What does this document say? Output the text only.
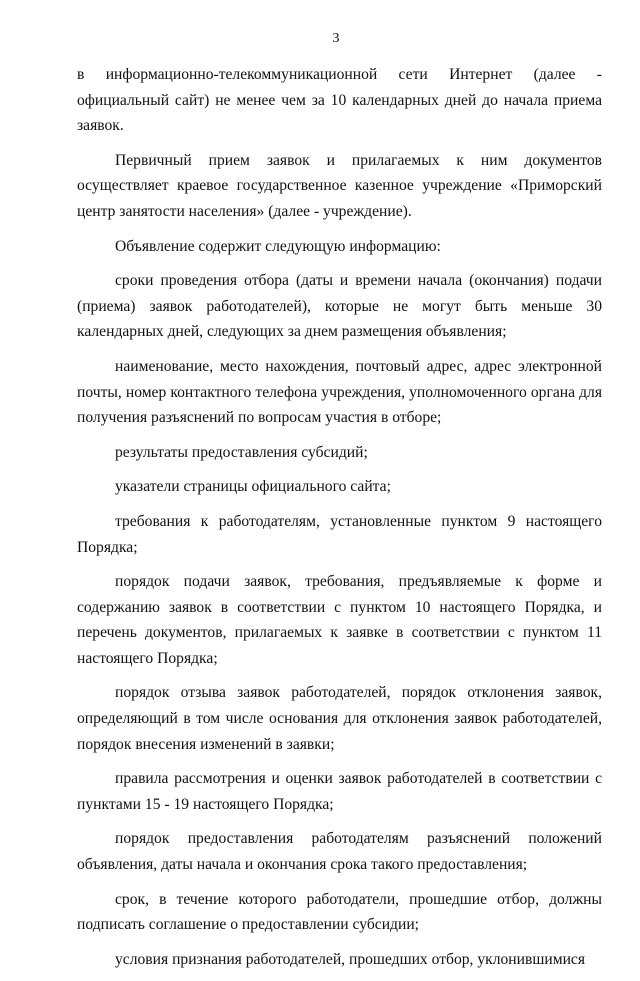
3

в информационно-телекоммуникационной сети Интернет (далее - официальный сайт) не менее чем за 10 календарных дней до начала приема заявок.

Первичный прием заявок и прилагаемых к ним документов осуществляет краевое государственное казенное учреждение «Приморский центр занятости населения» (далее - учреждение).

Объявление содержит следующую информацию:

сроки проведения отбора (даты и времени начала (окончания) подачи (приема) заявок работодателей), которые не могут быть меньше 30 календарных дней, следующих за днем размещения объявления;

наименование, место нахождения, почтовый адрес, адрес электронной почты, номер контактного телефона учреждения, уполномоченного органа для получения разъяснений по вопросам участия в отборе;

результаты предоставления субсидий;

указатели страницы официального сайта;

требования к работодателям, установленные пунктом 9 настоящего Порядка;

порядок подачи заявок, требования, предъявляемые к форме и содержанию заявок в соответствии с пунктом 10 настоящего Порядка, и перечень документов, прилагаемых к заявке в соответствии с пунктом 11 настоящего Порядка;

порядок отзыва заявок работодателей, порядок отклонения заявок, определяющий в том числе основания для отклонения заявок работодателей, порядок внесения изменений в заявки;

правила рассмотрения и оценки заявок работодателей в соответствии с пунктами 15 - 19 настоящего Порядка;

порядок предоставления работодателям разъяснений положений объявления, даты начала и окончания срока такого предоставления;

срок, в течение которого работодатели, прошедшие отбор, должны подписать соглашение о предоставлении субсидии;

условия признания работодателей, прошедших отбор, уклонившимися
